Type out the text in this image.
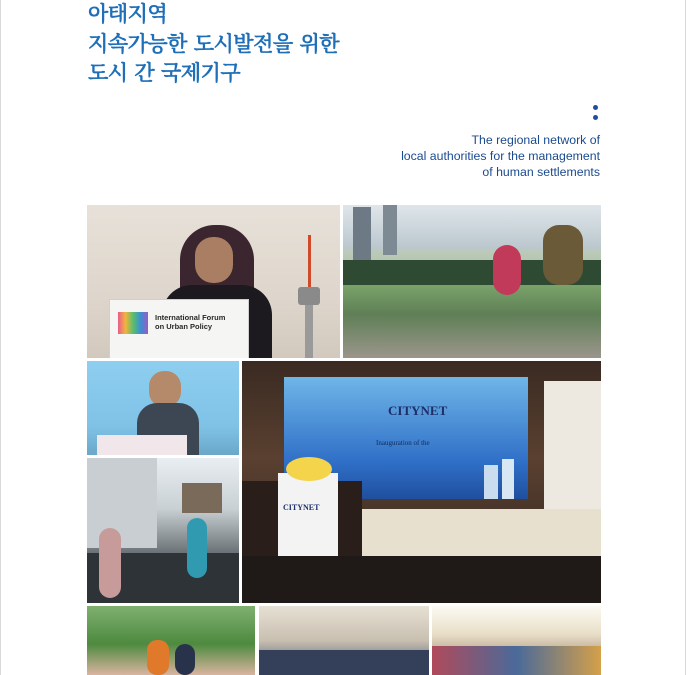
아태지역
지속가능한 도시발전을 위한
도시 간 국제기구
The regional network of
local authorities for the management
of human settlements
International Forum
on Urban Policy
CITYNET
Inauguration of the
CITYNET
